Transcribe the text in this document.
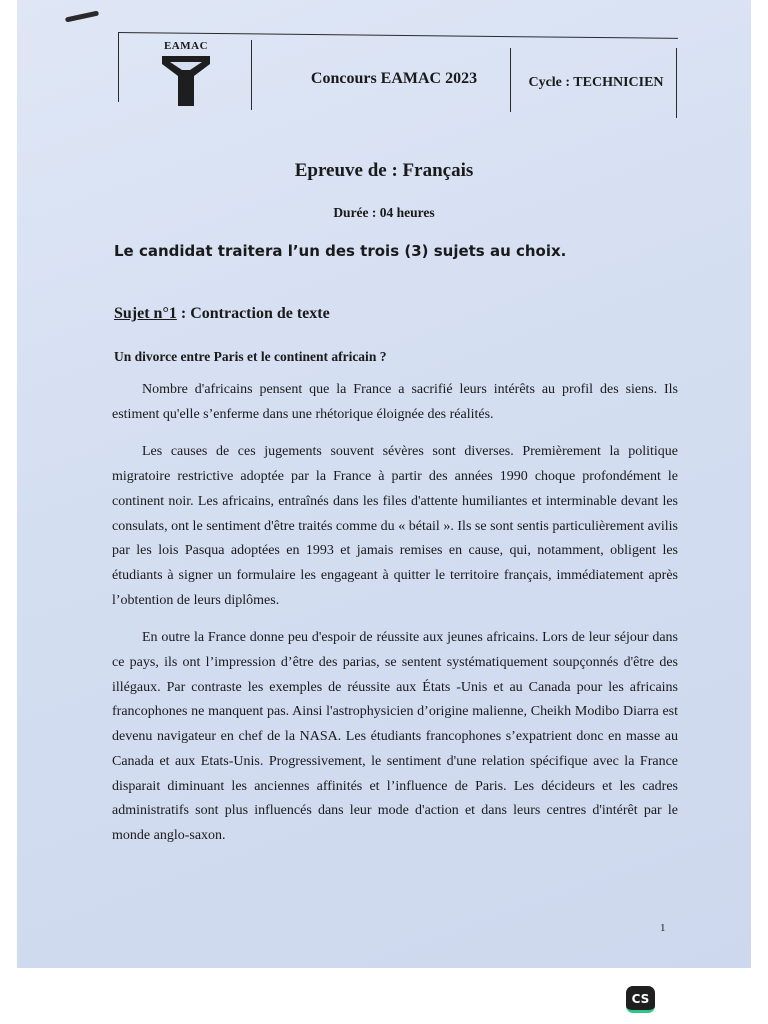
EAMAC
Concours EAMAC 2023	Cycle : TECHNICIEN
Epreuve de : Français
Durée : 04 heures
Le candidat traitera l’un des trois (3) sujets au choix.
Sujet n°1 : Contraction de texte
Un divorce entre Paris et le continent africain ?

Nombre d'africains pensent que la France a sacrifié leurs intérêts au profil des siens. Ils estiment qu'elle s’enferme dans une rhétorique éloignée des réalités.

Les causes de ces jugements souvent sévères sont diverses. Premièrement la politique migratoire restrictive adoptée par la France à partir des années 1990 choque profondément le continent noir. Les africains, entraînés dans les files d'attente humiliantes et interminable devant les consulats, ont le sentiment d'être traités comme du « bétail ». Ils se sont sentis particulièrement avilis par les lois Pasqua adoptées en 1993 et jamais remises en cause, qui, notamment, obligent les étudiants à signer un formulaire les engageant à quitter le territoire français, immédiatement après l’obtention de leurs diplômes.

En outre la France donne peu d'espoir de réussite aux jeunes africains. Lors de leur séjour dans ce pays, ils ont l’impression d’être des parias, se sentent systématiquement soupçonnés d'être des illégaux. Par contraste les exemples de réussite aux États -Unis et au Canada pour les africains francophones ne manquent pas. Ainsi l'astrophysicien d’origine malienne, Cheikh Modibo Diarra est devenu navigateur en chef de la NASA. Les étudiants francophones s’expatrient donc en masse au Canada et aux Etats-Unis. Progressivement, le sentiment d'une relation spécifique avec la France disparait diminuant les anciennes affinités et l’influence de Paris. Les décideurs et les cadres administratifs sont plus influencés dans leur mode d'action et dans leurs centres d'intérêt par le monde anglo-saxon.

1
CS
